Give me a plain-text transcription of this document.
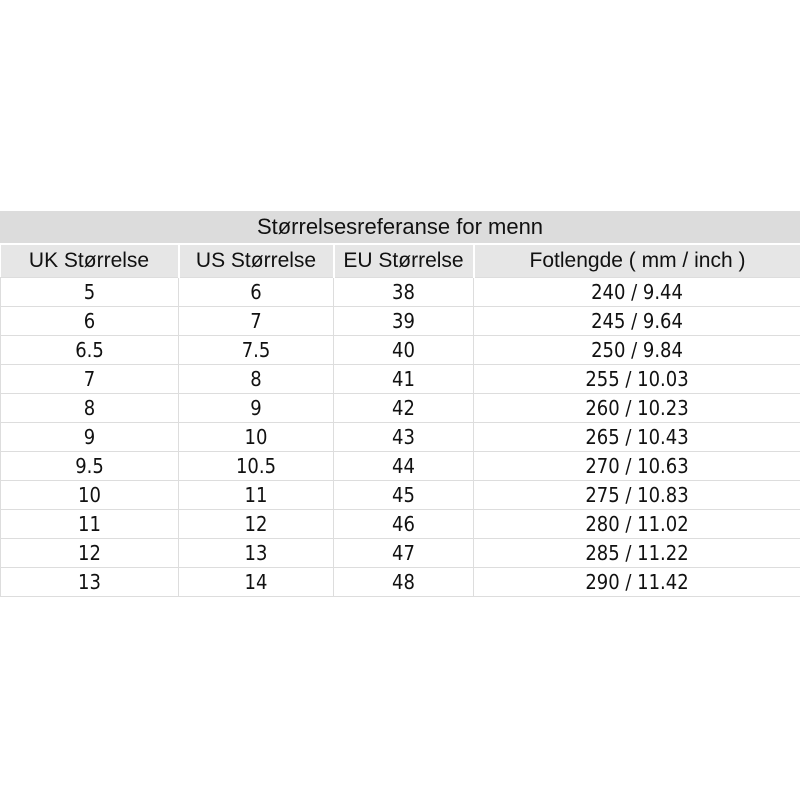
Størrelsesreferanse for menn
UK Størrelse	US Størrelse	EU Størrelse	Fotlengde ( mm / inch )
5	6	38	240 / 9.44
6	7	39	245 / 9.64
6.5	7.5	40	250 / 9.84
7	8	41	255 / 10.03
8	9	42	260 / 10.23
9	10	43	265 / 10.43
9.5	10.5	44	270 / 10.63
10	11	45	275 / 10.83
11	12	46	280 / 11.02
12	13	47	285 / 11.22
13	14	48	290 / 11.42
